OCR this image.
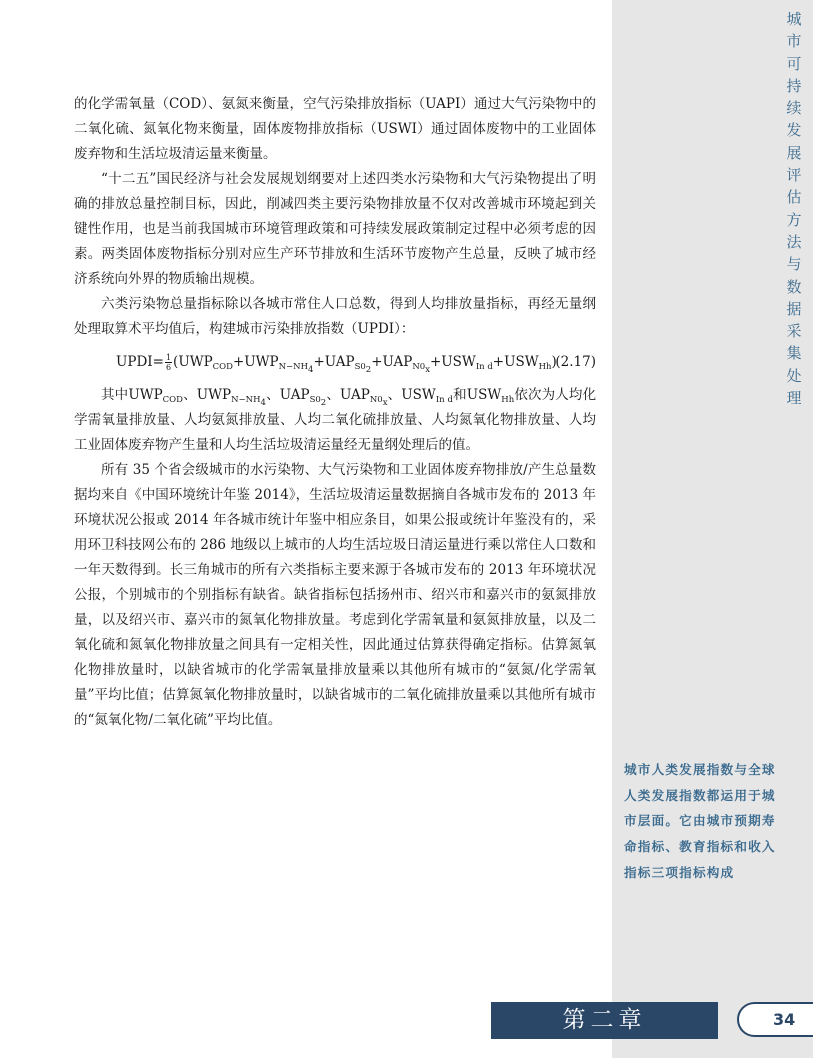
城市可持续发展评估方法与数据采集处理
城市人类发展指数与全球人类发展指数都运用于城市层面。它由城市预期寿命指标、教育指标和收入指标三项指标构成

的化学需氧量（COD）、氨氮来衡量，空气污染排放指标（UAPI）通过大气污染物中的二氧化硫、氮氧化物来衡量，固体废物排放指标（USWI）通过固体废物中的工业固体废弃物和生活垃圾清运量来衡量。

“十二五”国民经济与社会发展规划纲要对上述四类水污染物和大气污染物提出了明确的排放总量控制目标，因此，削减四类主要污染物排放量不仅对改善城市环境起到关键性作用，也是当前我国城市环境管理政策和可持续发展政策制定过程中必须考虑的因素。两类固体废物指标分别对应生产环节排放和生活环节废物产生总量，反映了城市经济系统向外界的物质输出规模。

六类污染物总量指标除以各城市常住人口总数，得到人均排放量指标，再经无量纲处理取算术平均值后，构建城市污染排放指数（UPDI）：

UPDI= $\frac{1}{6} (UWP_{COD}+UWP_{N-NH_4}+UAP_{S0_2}+UAP_{N0_x}+USW_{In d}+USW_{Hh})$
(2.17)

其中$UWP_{COD}$、$UWP_{N-NH_4}$、$UAP_{S0_2}$、$UAP_{N0_x}$、$USW_{In d}$和$USW_{Hh}$依次为人均化学需氧量排放量、人均氨氮排放量、人均二氧化硫排放量、人均氮氧化物排放量、人均工业固体废弃物产生量和人均生活垃圾清运量经无量纲处理后的值。

所有 35 个省会级城市的水污染物、大气污染物和工业固体废弃物排放/产生总量数据均来自《中国环境统计年鉴 2014》，生活垃圾清运量数据摘自各城市发布的 2013 年环境状况公报或 2014 年各城市统计年鉴中相应条目，如果公报或统计年鉴没有的，采用环卫科技网公布的 286 地级以上城市的人均生活垃圾日清运量进行乘以常住人口数和一年天数得到。长三角城市的所有六类指标主要来源于各城市发布的 2013 年环境状况公报，个别城市的个别指标有缺省。缺省指标包括扬州市、绍兴市和嘉兴市的氨氮排放量，以及绍兴市、嘉兴市的氮氧化物排放量。考虑到化学需氧量和氨氮排放量，以及二氧化硫和氮氧化物排放量之间具有一定相关性，因此通过估算获得确定指标。估算氮氧化物排放量时，以缺省城市的化学需氧量排放量乘以其他所有城市的“氨氮/化学需氧量”平均比值；估算氮氧化物排放量时，以缺省城市的二氧化硫排放量乘以其他所有城市的“氮氧化物/二氧化硫”平均比值。

第二章	34
